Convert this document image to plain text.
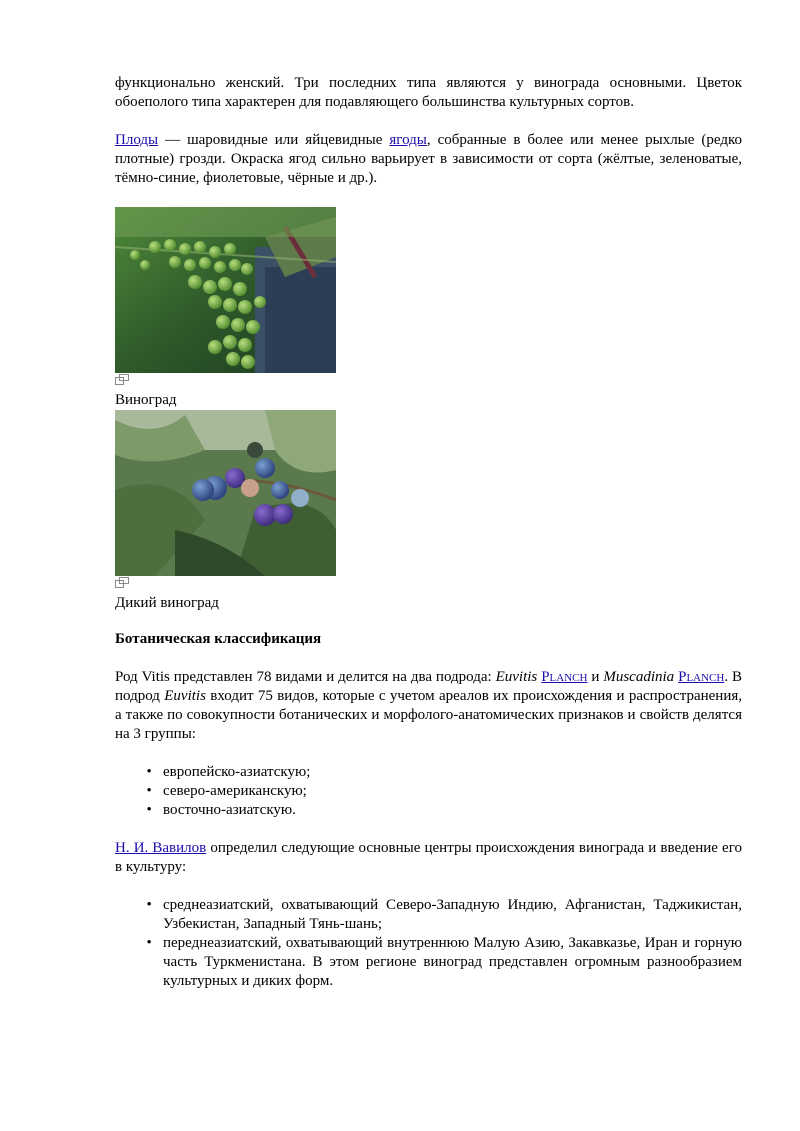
функционально женский. Три последних типа являются у винограда основными. Цветок
обоеполого типа характерен для подавляющего большинства культурных сортов.

Плоды — шаровидные или яйцевидные ягоды, собранные в более или менее рыхлые (редко плотные) грозди. Окраска ягод сильно варьирует в зависимости от сорта (жёлтые, зеленоватые, тёмно-синие, фиолетовые, чёрные и др.).

Виноград
Дикий виноград
Ботаническая классификация

Род Vitis представлен 78 видами и делится на два подрода: Euvitis Planch и Muscadinia Planch. В подрод Euvitis входит 75 видов, которые с учетом ареалов их происхождения и распространения, а также по совокупности ботанических и морфолого-анатомических признаков и свойств делятся на 3 группы:

• европейско-азиатскую;
• северо-американскую;
• восточно-азиатскую.

Н. И. Вавилов определил следующие основные центры происхождения винограда и введение его в культуру:

• среднеазиатский, охватывающий Северо-Западную Индию, Афганистан, Таджикистан, Узбекистан, Западный Тянь-шань;
• переднеазиатский, охватывающий внутреннюю Малую Азию, Закавказье, Иран и горную часть Туркменистана. В этом регионе виноград представлен огромным разнообразием культурных и диких форм.
